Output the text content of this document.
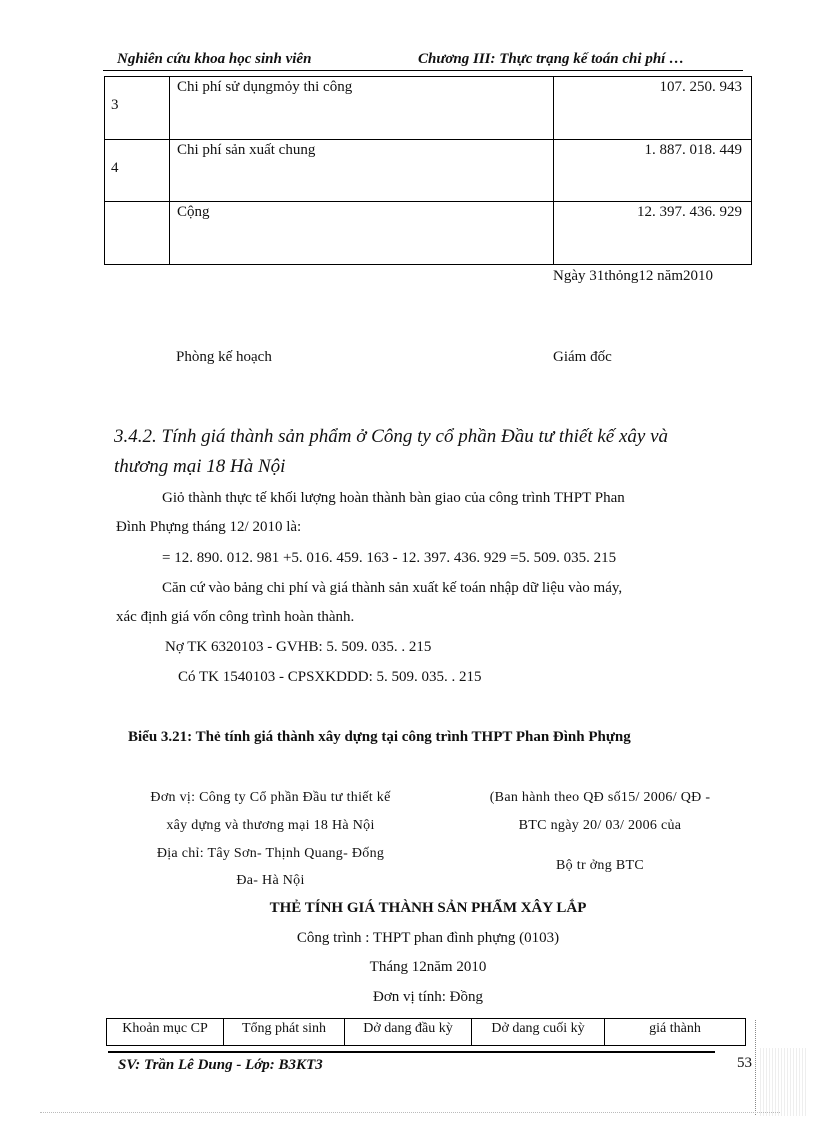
Nghiên cứu khoa học sinh viên	Chương III: Thực trạng kế toán chi phí …
3	Chi phí sử dụngmỏy thi công	107. 250. 943

4	Chi phí sản xuất chung	1. 887. 018. 449

	Cộng	12. 397. 436. 929
Ngày 31thỏng12 năm2010
Phòng kế hoạch	Giám đốc
3.4.2. Tính giá thành sản phẩm ở Công ty cổ phần Đầu tư thiết kế xây và
thương mại 18 Hà Nội
Giỏ thành thực tế khối lượng hoàn thành bàn giao của công trình THPT Phan
Đình Phựng tháng 12/ 2010 là:
= 12. 890. 012. 981 +5. 016. 459. 163 - 12. 397. 436. 929 =5. 509. 035. 215
Căn cứ vào bảng chi phí và giá thành sản xuất kế toán nhập dữ liệu vào máy,
xác định giá vốn công trình hoàn thành.
Nợ TK 6320103 - GVHB: 5. 509. 035. . 215
Có TK 1540103 - CPSXKDDD: 5. 509. 035. . 215
Biểu 3.21: Thẻ tính giá thành xây dựng tại công trình THPT Phan Đình Phựng
Đơn vị: Công ty Cổ phần Đầu tư thiết kế
xây dựng và thương mại 18 Hà Nội
Địa chỉ: Tây Sơn- Thịnh Quang- Đống
Đa- Hà Nội
(Ban hành theo QĐ số15/ 2006/ QĐ -
BTC ngày 20/ 03/ 2006 của
Bộ tr ởng BTC
THẺ TÍNH GIÁ THÀNH SẢN PHẨM XÂY LẮP
Công trình : THPT phan đình phựng (0103)
Tháng 12năm 2010
Đơn vị tính: Đồng
Khoản mục CP	Tổng phát sinh	Dở dang đầu kỳ	Dở dang cuối kỳ	giá thành
SV: Trần Lê Dung - Lớp: B3KT3	53
